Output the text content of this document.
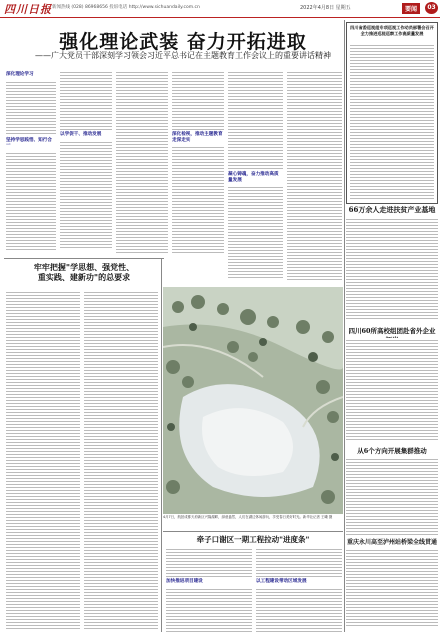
四川日报 新闻热线 (028) 86968656 投诉电话 http://www.sichuandaily.com.cn	2022年4月8日 星期五	要闻	03
强化理论武装 奋力开拓进取
——广大党员干部深刻学习领会习近平总书记在主题教育工作会议上的重要讲话精神
深化理论学习
坚持学思践悟、知行合一
以学促干、推动发展	深化检视，推动主题教育走深走实
凝心铸魂，奋力推动高质量发展
四川省委巡视组专项巡视工作动员部署会召开
全力推进巡视巡察工作高质量发展
66万余人走进扶贫产业基地
四川60所高校组团赴省外企业
从6个方向开展集群推动
重庆永川高至泸州站桥梁全线贯通
牢牢把握"学思想、强党性、
重实践、建新功"的总要求
4月7日，航拍成都天府新区兴隆湖畔，绿意盎然，人们在湖边休闲游玩，享受春日美好时光。新华社记者 王曦 摄
牵子口谢区一期工程拉动"进度条"
加快推进项目建设	以工程建设带动区域发展
